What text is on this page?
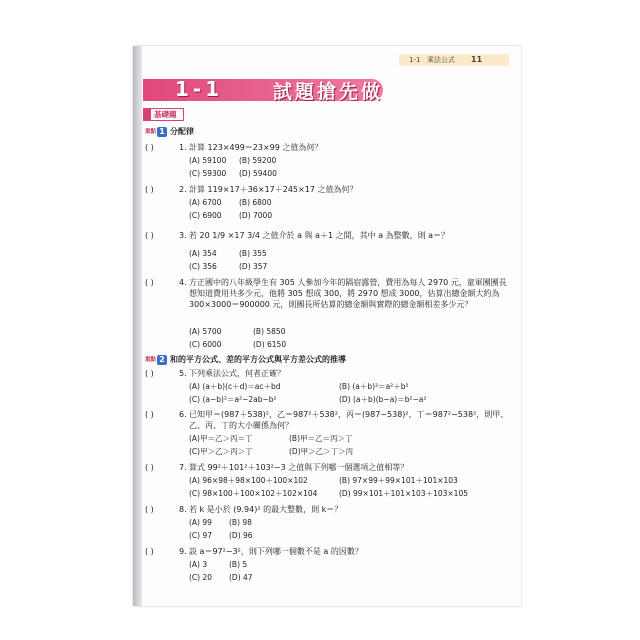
1-1 乘法公式 11
1-1	試題搶先做
基礎題
重點 1 分配律
( )	1. 計算 123×499＝23×99 之值為何？
(A) 59100 (B) 59200
(C) 59300 (D) 59400
( )	2. 計算 119×17＋36×17＋245×17 之值為何？
(A) 6700 (B) 6800
(C) 6900 (D) 7000
( )	3. 若 20 1/9 ×17 3/4 之值介於 a 與 a＋1 之間，其中 a 為整數，則 a＝？
(A) 354	(B) 355
(C) 356	(D) 357
( )	4. 方正國中的八年級學生有 305 人參加今年的隔宿露營，費用為每人 2970 元，童軍團團長想知道費用共多少元，他將 305 想成 300，將 2970 想成 3000，估算出總金額大約為 300×3000＝900000 元，則團長所估算的總金額與實際的總金額相差多少元？
(A) 5700	(B) 5850
(C) 6000	(D) 6150
重點 2 和的平方公式、差的平方公式與平方差公式的推導
( )	5. 下列乘法公式，何者正確？
(A) (a＋b)(c＋d)＝ac＋bd	(B) (a＋b)²＝a²＋b²
(C) (a−b)²＝a²−2ab−b²	(D) (a＋b)(b−a)＝b²−a²
( )	6. 已知甲＝(987＋538)²，乙＝987²＋538²，丙＝(987−538)²，丁＝987²−538²，則甲、乙、丙、丁的大小關係為何？
(A)甲＝乙＞丙＝丁	(B)甲＝乙＝丙＞丁
(C)甲＞乙＞丙＞丁	(D)甲＞乙＞丁＞丙
( )	7. 算式 99²＋101²＋103²−3 之值與下列哪一個選項之值相等？
(A) 96×98＋98×100＋100×102	(B) 97×99＋99×101＋101×103
(C) 98×100＋100×102＋102×104	(D) 99×101＋101×103＋103×105
( )	8. 若 k 是小於 (9.94)² 的最大整數，則 k＝？
(A) 99 (B) 98
(C) 97 (D) 96
( )	9. 設 a＝97²−3²，則下列哪一個數不是 a 的因數？
(A) 3	(B) 5
(C) 20 (D) 47
